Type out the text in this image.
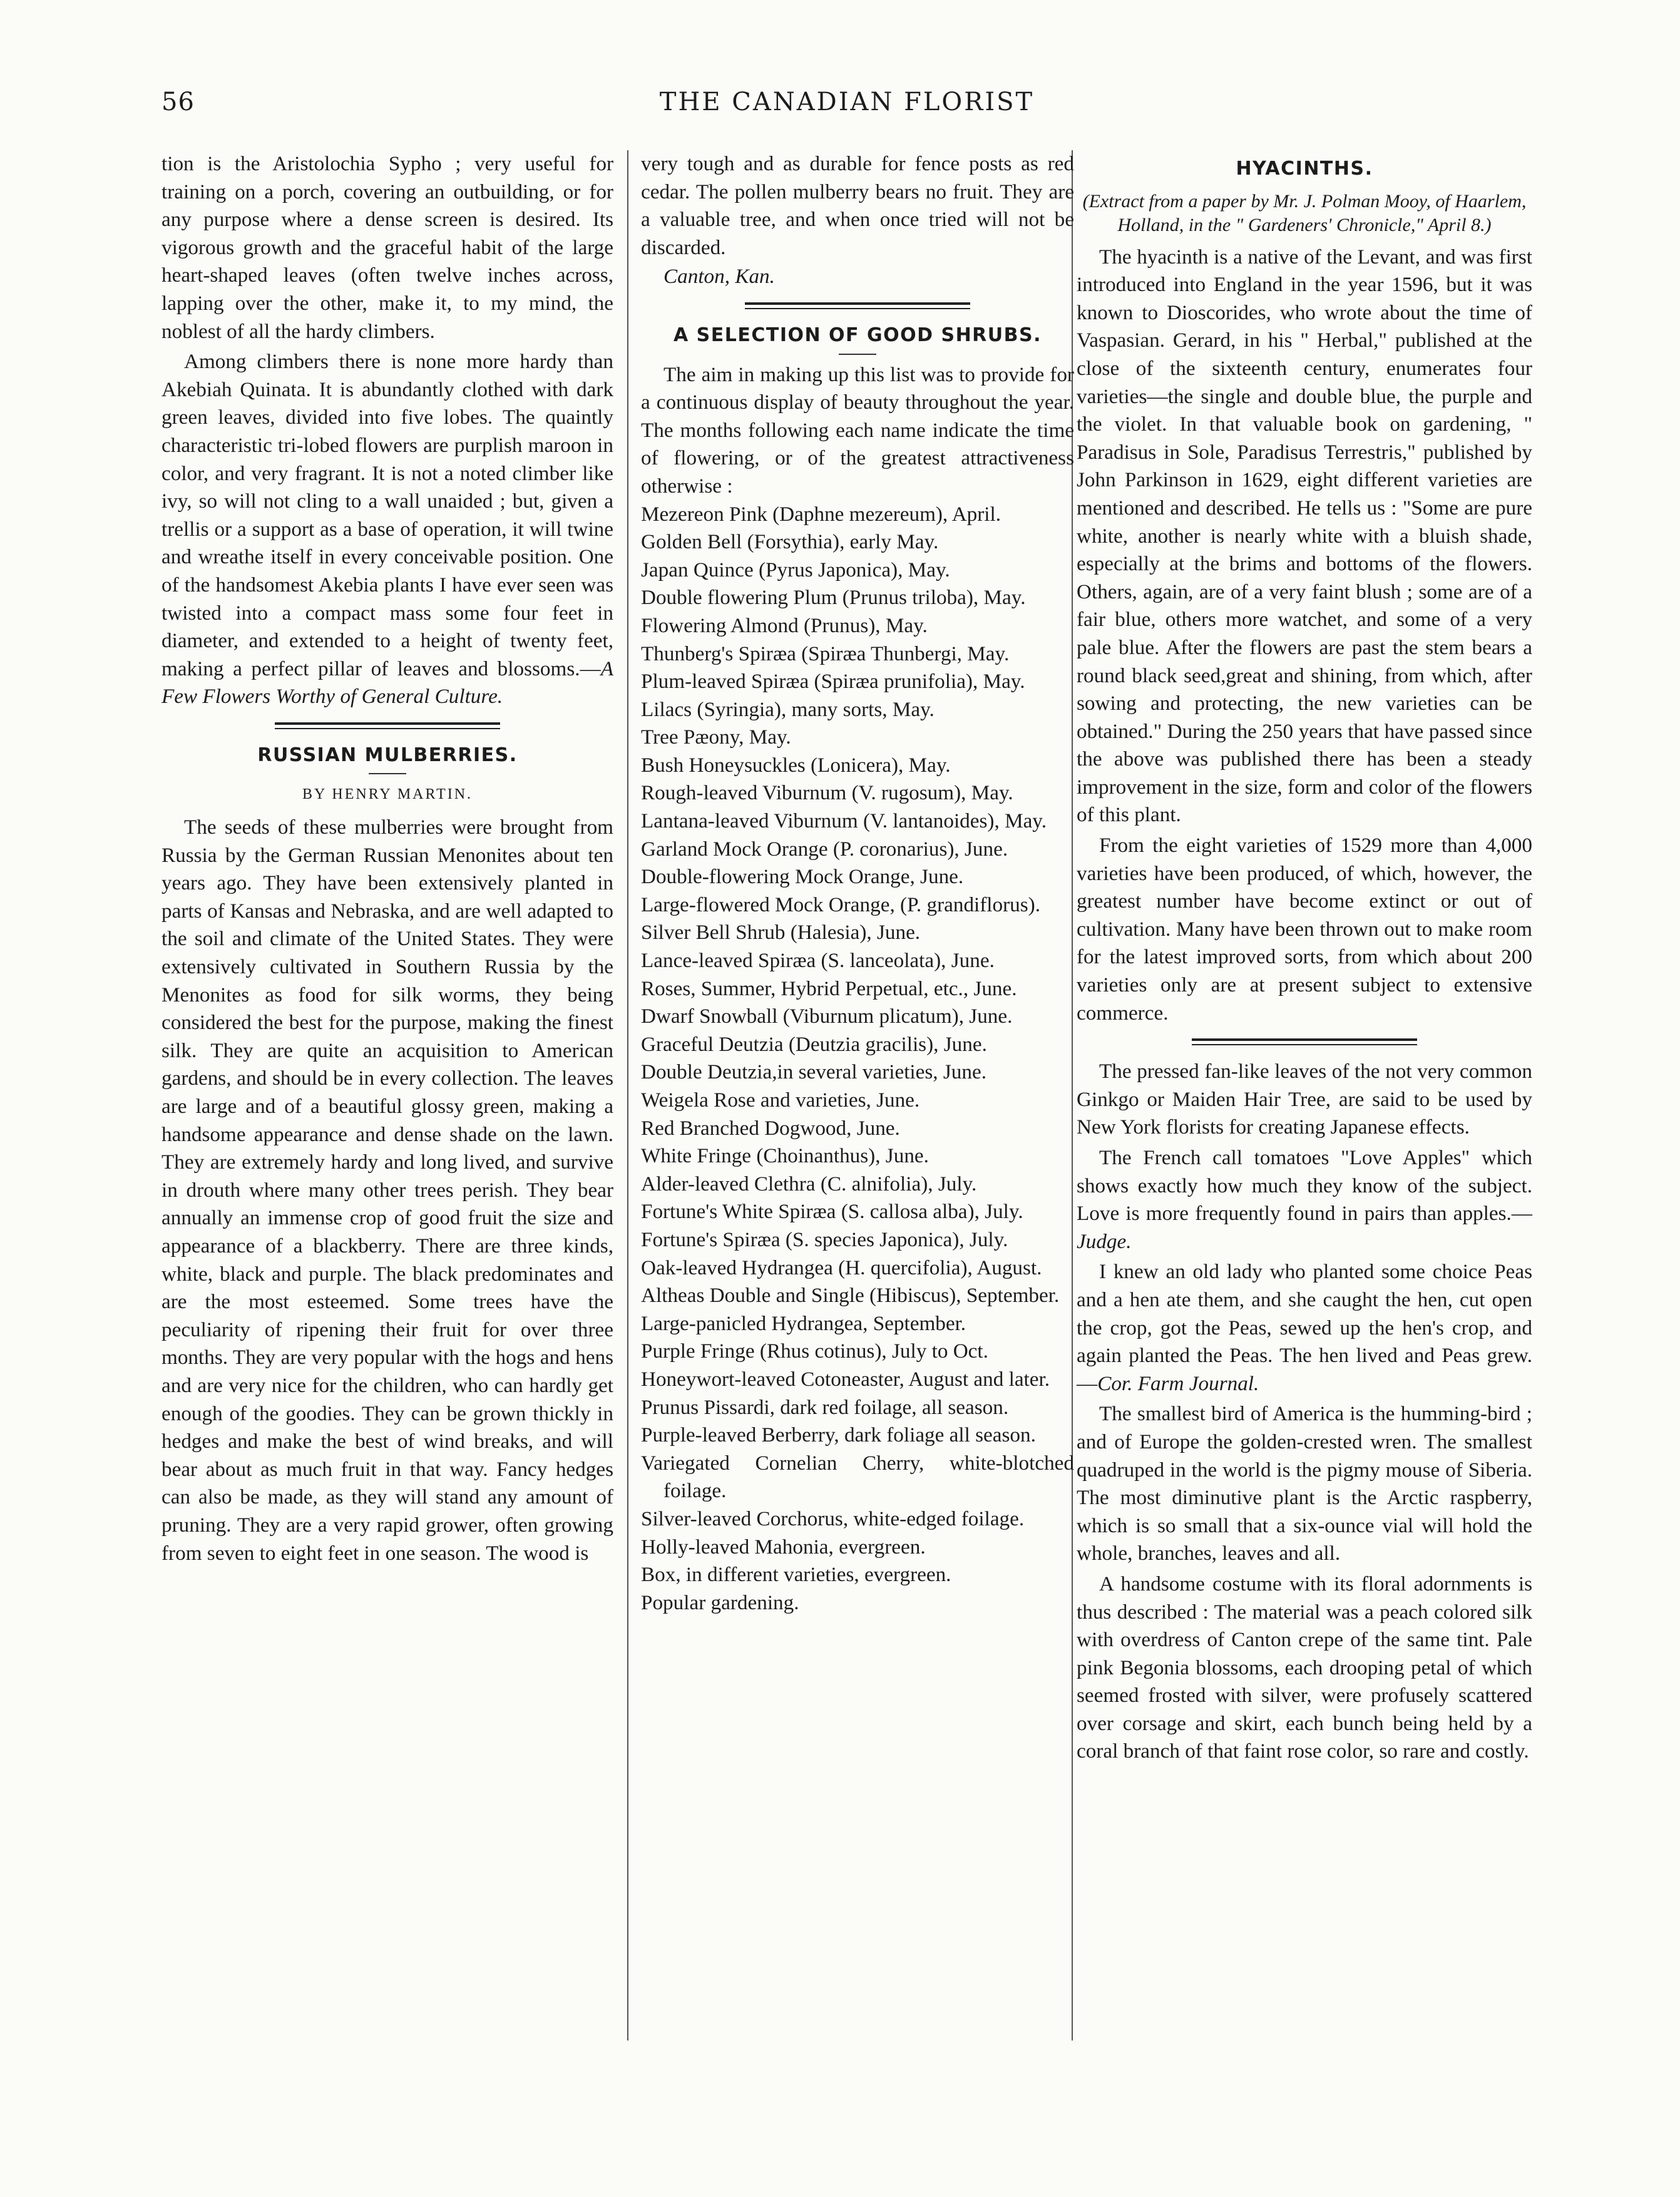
56	THE CANADIAN FLORIST

tion is the Aristolochia Sypho ; very useful for training on a porch, covering an outbuilding, or for any purpose where a dense screen is desired. Its vigorous growth and the graceful habit of the large heart-shaped leaves (often twelve inches across, lapping over the other, make it, to my mind, the noblest of all the hardy climbers.

Among climbers there is none more hardy than Akebiah Quinata. It is abundantly clothed with dark green leaves, divided into five lobes. The quaintly characteristic tri-lobed flowers are purplish maroon in color, and very fragrant. It is not a noted climber like ivy, so will not cling to a wall unaided ; but, given a trellis or a support as a base of operation, it will twine and wreathe itself in every conceivable position. One of the handsomest Akebia plants I have ever seen was twisted into a compact mass some four feet in diameter, and extended to a height of twenty feet, making a perfect pillar of leaves and blossoms.—A Few Flowers Worthy of General Culture.

RUSSIAN MULBERRIES.
BY HENRY MARTIN.

The seeds of these mulberries were brought from Russia by the German Russian Menonites about ten years ago. They have been extensively planted in parts of Kansas and Nebraska, and are well adapted to the soil and climate of the United States. They were extensively cultivated in Southern Russia by the Menonites as food for silk worms, they being considered the best for the purpose, making the finest silk. They are quite an acquisition to American gardens, and should be in every collection. The leaves are large and of a beautiful glossy green, making a handsome appearance and dense shade on the lawn. They are extremely hardy and long lived, and survive in drouth where many other trees perish. They bear annually an immense crop of good fruit the size and appearance of a blackberry. There are three kinds, white, black and purple. The black predominates and are the most esteemed. Some trees have the peculiarity of ripening their fruit for over three months. They are very popular with the hogs and hens and are very nice for the children, who can hardly get enough of the goodies. They can be grown thickly in hedges and make the best of wind breaks, and will bear about as much fruit in that way. Fancy hedges can also be made, as they will stand any amount of pruning. They are a very rapid grower, often growing from seven to eight feet in one season. The wood is

very tough and as durable for fence posts as red cedar. The pollen mulberry bears no fruit. They are a valuable tree, and when once tried will not be discarded.

Canton, Kan.
A SELECTION OF GOOD SHRUBS.

The aim in making up this list was to provide for a continuous display of beauty throughout the year. The months following each name indicate the time of flowering, or of the greatest attractiveness otherwise :

Mezereon Pink (Daphne mezereum), April.
Golden Bell (Forsythia), early May.
Japan Quince (Pyrus Japonica), May.
Double flowering Plum (Prunus triloba), May.
Flowering Almond (Prunus), May.
Thunberg's Spiræa (Spiræa Thunbergi, May.
Plum-leaved Spiræa (Spiræa prunifolia), May.
Lilacs (Syringia), many sorts, May.
Tree Pæony, May.
Bush Honeysuckles (Lonicera), May.
Rough-leaved Viburnum (V. rugosum), May.
Lantana-leaved Viburnum (V. lantanoides), May.
Garland Mock Orange (P. coronarius), June.
Double-flowering Mock Orange, June.
Large-flowered Mock Orange, (P. grandiflorus).
Silver Bell Shrub (Halesia), June.
Lance-leaved Spiræa (S. lanceolata), June.
Roses, Summer, Hybrid Perpetual, etc., June.
Dwarf Snowball (Viburnum plicatum), June.
Graceful Deutzia (Deutzia gracilis), June.
Double Deutzia,in several varieties, June.
Weigela Rose and varieties, June.
Red Branched Dogwood, June.
White Fringe (Choinanthus), June.
Alder-leaved Clethra (C. alnifolia), July.
Fortune's White Spiræa (S. callosa alba), July.
Fortune's Spiræa (S. species Japonica), July.
Oak-leaved Hydrangea (H. quercifolia), August.
Altheas Double and Single (Hibiscus), September.
Large-panicled Hydrangea, September.
Purple Fringe (Rhus cotinus), July to Oct.
Honeywort-leaved Cotoneaster, August and later.
Prunus Pissardi, dark red foilage, all season.
Purple-leaved Berberry, dark foliage all season.
Variegated Cornelian Cherry, white-blotched foilage.
Silver-leaved Corchorus, white-edged foilage.
Holly-leaved Mahonia, evergreen.
Box, in different varieties, evergreen.
Popular gardening.
HYACINTHS.
(Extract from a paper by Mr. J. Polman Mooy, of Haarlem, Holland, in the " Gardeners' Chronicle," April 8.)

The hyacinth is a native of the Levant, and was first introduced into England in the year 1596, but it was known to Dioscorides, who wrote about the time of Vaspasian. Gerard, in his " Herbal," published at the close of the sixteenth century, enumerates four varieties—the single and double blue, the purple and the violet. In that valuable book on gardening, " Paradisus in Sole, Paradisus Terrestris," published by John Parkinson in 1629, eight different varieties are mentioned and described. He tells us : "Some are pure white, another is nearly white with a bluish shade, especially at the brims and bottoms of the flowers. Others, again, are of a very faint blush ; some are of a fair blue, others more watchet, and some of a very pale blue. After the flowers are past the stem bears a round black seed,great and shining, from which, after sowing and protecting, the new varieties can be obtained." During the 250 years that have passed since the above was published there has been a steady improvement in the size, form and color of the flowers of this plant.

From the eight varieties of 1529 more than 4,000 varieties have been produced, of which, however, the greatest number have become extinct or out of cultivation. Many have been thrown out to make room for the latest improved sorts, from which about 200 varieties only are at present subject to extensive commerce.

The pressed fan-like leaves of the not very common Ginkgo or Maiden Hair Tree, are said to be used by New York florists for creating Japanese effects.

The French call tomatoes "Love Apples" which shows exactly how much they know of the subject. Love is more frequently found in pairs than apples.—Judge.

I knew an old lady who planted some choice Peas and a hen ate them, and she caught the hen, cut open the crop, got the Peas, sewed up the hen's crop, and again planted the Peas. The hen lived and Peas grew.—Cor. Farm Journal.

The smallest bird of America is the humming-bird ; and of Europe the golden-crested wren. The smallest quadruped in the world is the pigmy mouse of Siberia. The most diminutive plant is the Arctic raspberry, which is so small that a six-ounce vial will hold the whole, branches, leaves and all.

A handsome costume with its floral adornments is thus described : The material was a peach colored silk with overdress of Canton crepe of the same tint. Pale pink Begonia blossoms, each drooping petal of which seemed frosted with silver, were profusely scattered over corsage and skirt, each bunch being held by a coral branch of that faint rose color, so rare and costly.
